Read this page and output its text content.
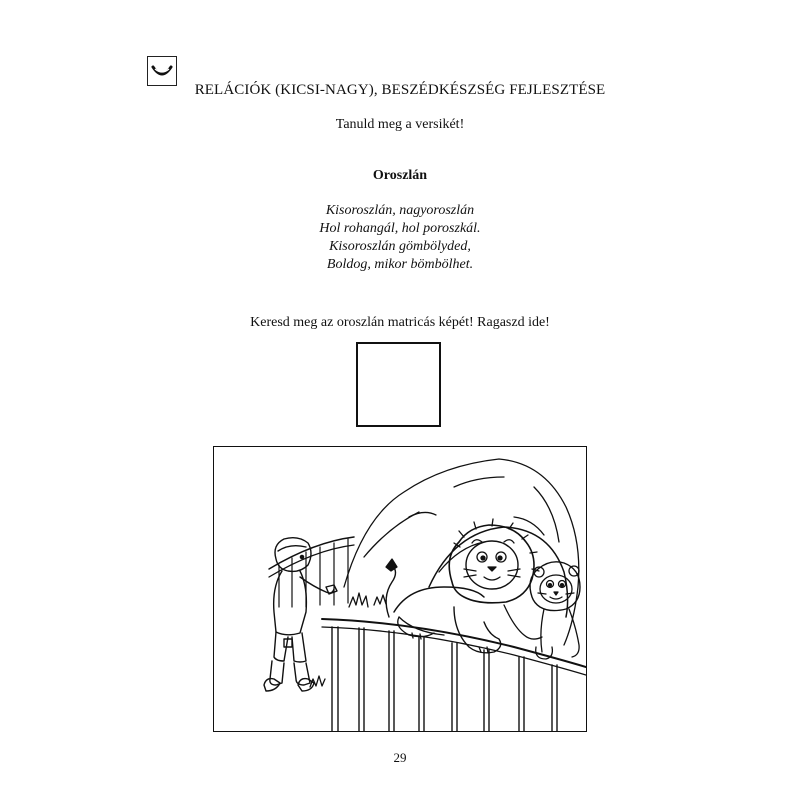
RELÁCIÓK (KICSI-NAGY), BESZÉDKÉSZSÉG FEJLESZTÉSE
Tanuld meg a versikét!
Oroszlán
Kisoroszlán, nagyoroszlán
Hol rohangál, hol poroszkál.
Kisoroszlán gömbölyded,
Boldog, mikor bömbölhet.
Keresd meg az oroszlán matricás képét! Ragaszd ide!
29
